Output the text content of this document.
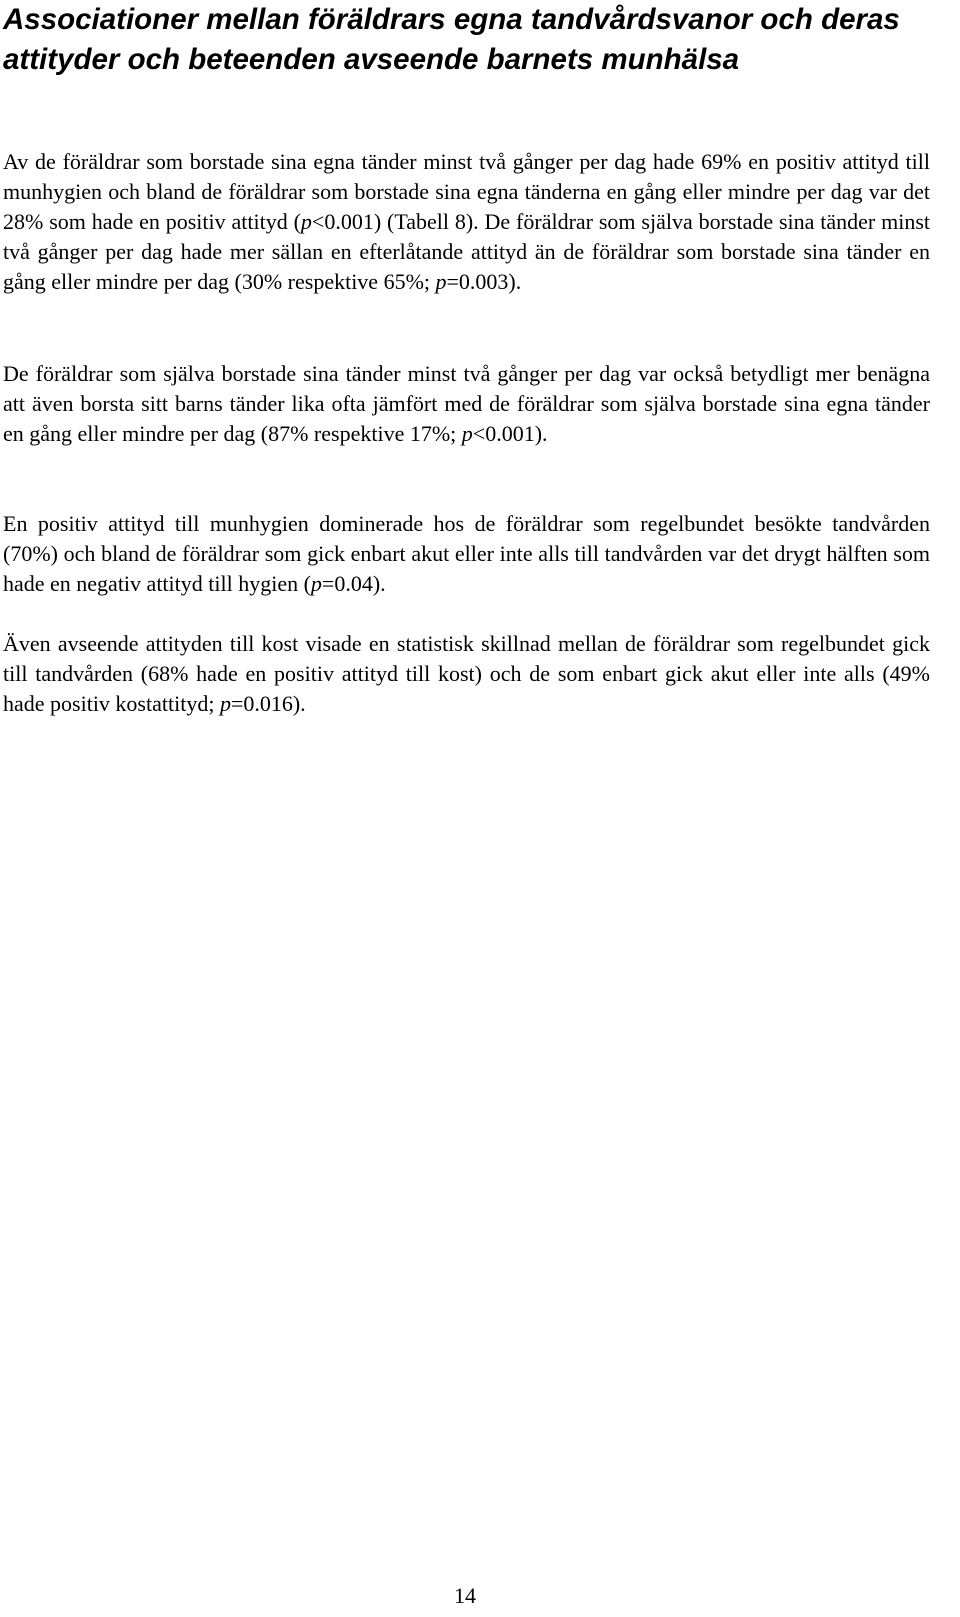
Associationer mellan föräldrars egna tandvårdsvanor och deras attityder och beteenden avseende barnets munhälsa

Av de föräldrar som borstade sina egna tänder minst två gånger per dag hade 69% en positiv attityd till munhygien och bland de föräldrar som borstade sina egna tänderna en gång eller mindre per dag var det 28% som hade en positiv attityd (p<0.001) (Tabell 8). De föräldrar som själva borstade sina tänder minst två gånger per dag hade mer sällan en efterlåtande attityd än de föräldrar som borstade sina tänder en gång eller mindre per dag (30% respektive 65%; p=0.003).

De föräldrar som själva borstade sina tänder minst två gånger per dag var också betydligt mer benägna att även borsta sitt barns tänder lika ofta jämfört med de föräldrar som själva borstade sina egna tänder en gång eller mindre per dag (87% respektive 17%; p<0.001).

En positiv attityd till munhygien dominerade hos de föräldrar som regelbundet besökte tandvården (70%) och bland de föräldrar som gick enbart akut eller inte alls till tandvården var det drygt hälften som hade en negativ attityd till hygien (p=0.04).

Även avseende attityden till kost visade en statistisk skillnad mellan de föräldrar som regelbundet gick till tandvården (68% hade en positiv attityd till kost) och de som enbart gick akut eller inte alls (49% hade positiv kostattityd; p=0.016).

14
